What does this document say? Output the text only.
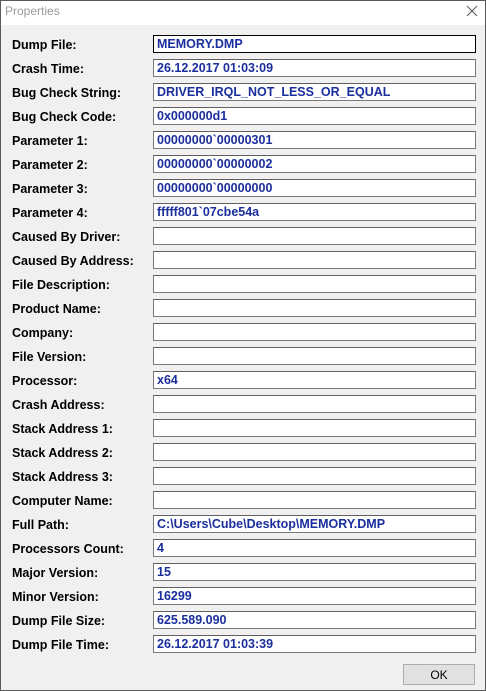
Properties
Dump File:	MEMORY.DMP
Crash Time:	26.12.2017 01:03:09
Bug Check String:	DRIVER_IRQL_NOT_LESS_OR_EQUAL
Bug Check Code:	0x000000d1
Parameter 1:	00000000`00000301
Parameter 2:	00000000`00000002
Parameter 3:	00000000`00000000
Parameter 4:	fffff801`07cbe54a
Caused By Driver:
Caused By Address:
File Description:
Product Name:
Company:
File Version:
Processor:	x64
Crash Address:
Stack Address 1:
Stack Address 2:
Stack Address 3:
Computer Name:
Full Path:	C:\Users\Cube\Desktop\MEMORY.DMP
Processors Count:	4
Major Version:	15
Minor Version:	16299
Dump File Size:	625.589.090
Dump File Time:	26.12.2017 01:03:39
OK
